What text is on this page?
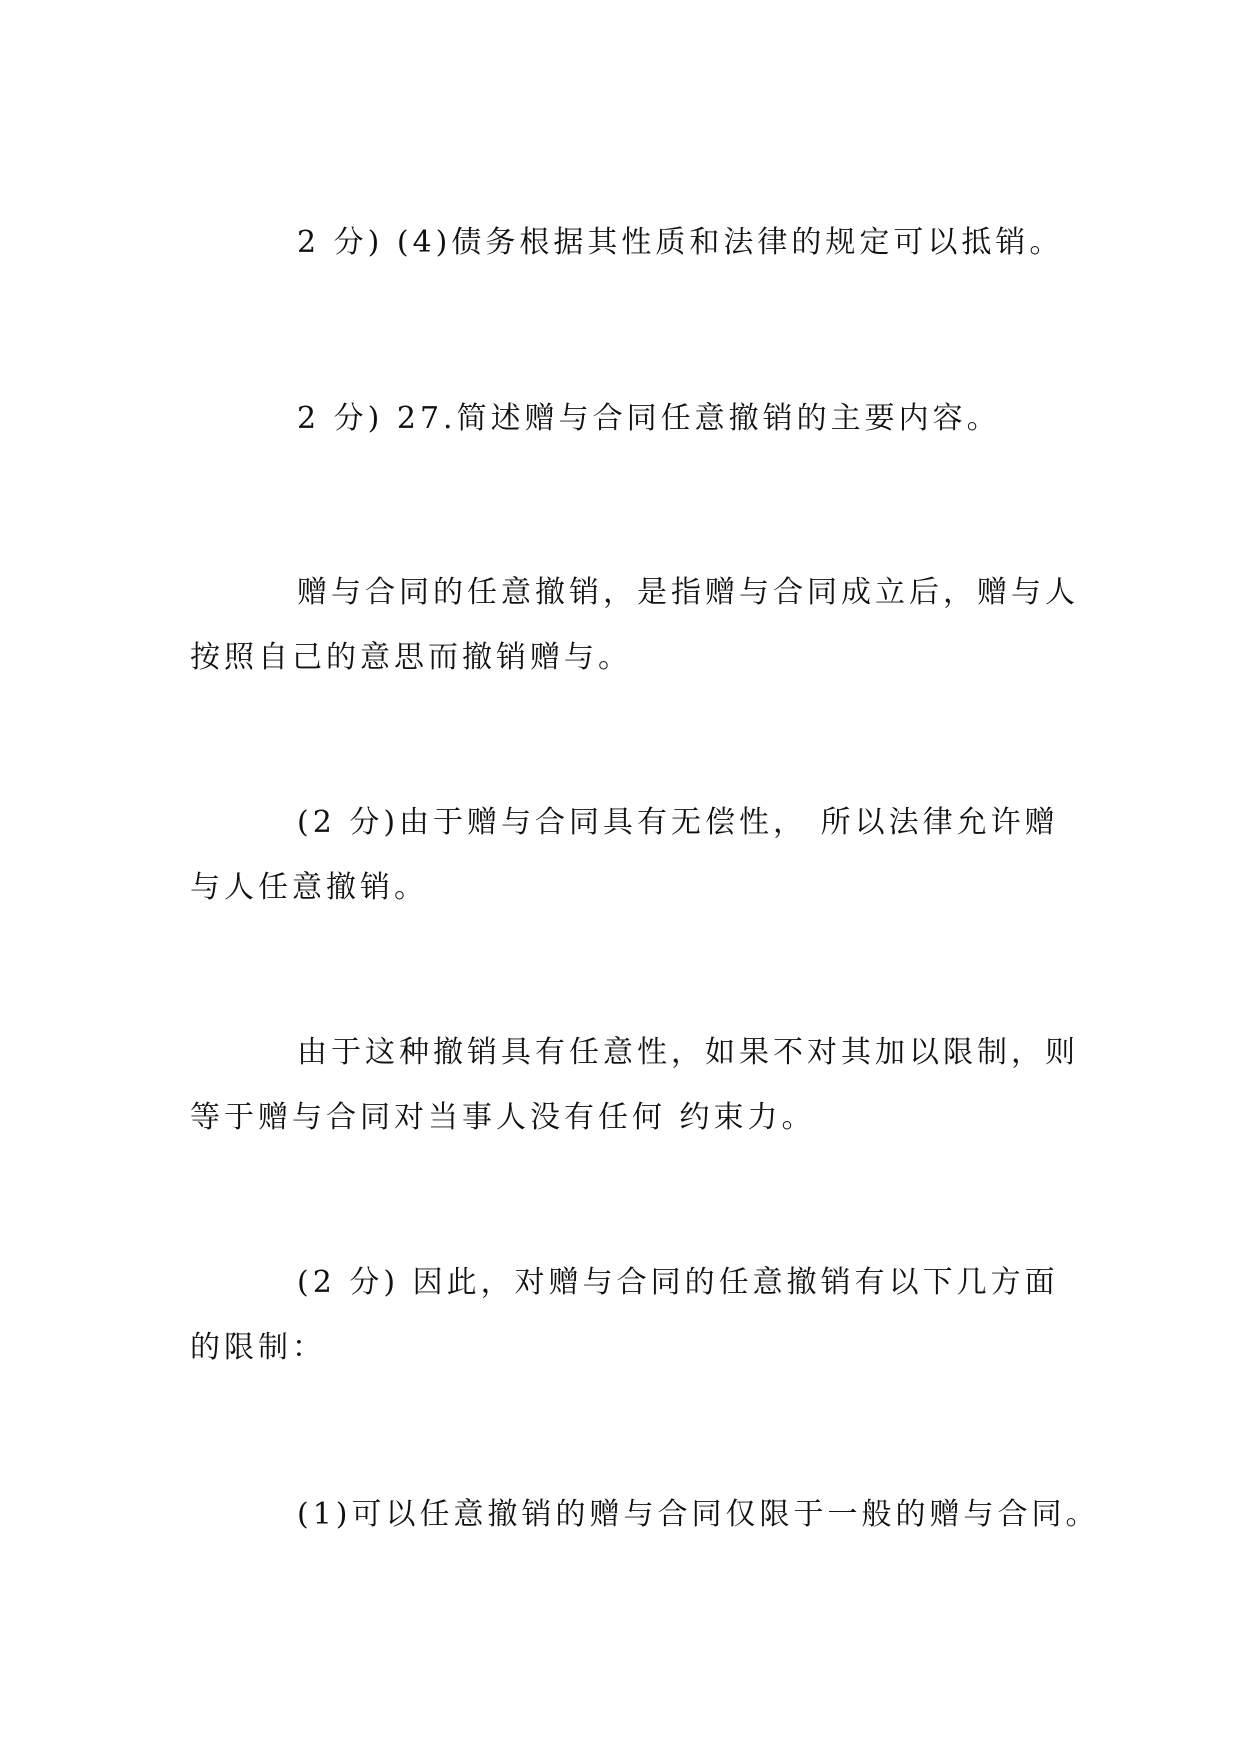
2 分) (4)债务根据其性质和法律的规定可以抵销。

2 分) 27.简述赠与合同任意撤销的主要内容。

赠与合同的任意撤销，是指赠与合同成立后，赠与人
按照自己的意思而撤销赠与。

(2 分)由于赠与合同具有无偿性， 所以法律允许赠
与人任意撤销。

由于这种撤销具有任意性，如果不对其加以限制，则
等于赠与合同对当事人没有任何 约束力。

(2 分) 因此，对赠与合同的任意撤销有以下几方面
的限制：

(1)可以任意撤销的赠与合同仅限于一般的赠与合同。
